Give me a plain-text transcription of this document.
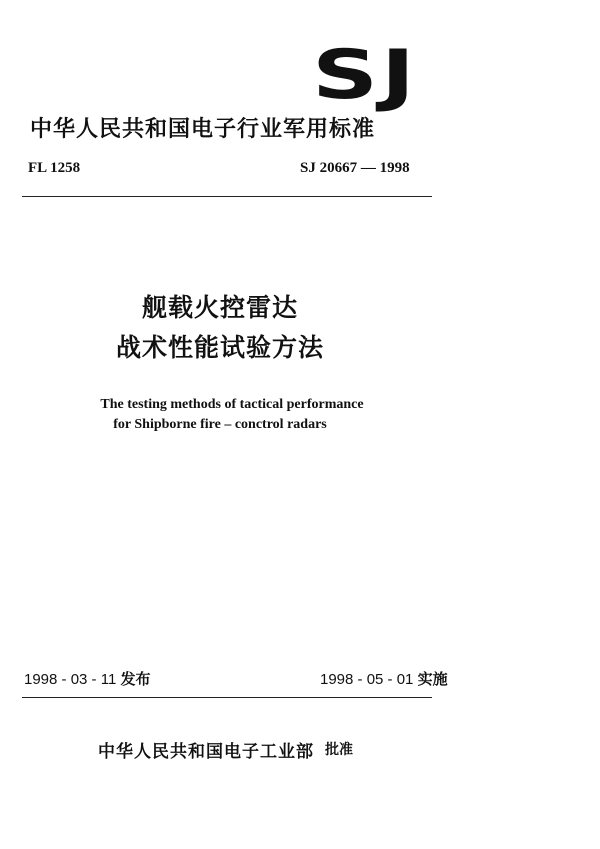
SJ
中华人民共和国电子行业军用标准
FL 1258	SJ 20667 — 1998
舰载火控雷达
战术性能试验方法
The testing methods of tactical performance
for Shipborne fire – conctrol radars
1998 - 03 - 11 发布	1998 - 05 - 01 实施
中华人民共和国电子工业部 批准
